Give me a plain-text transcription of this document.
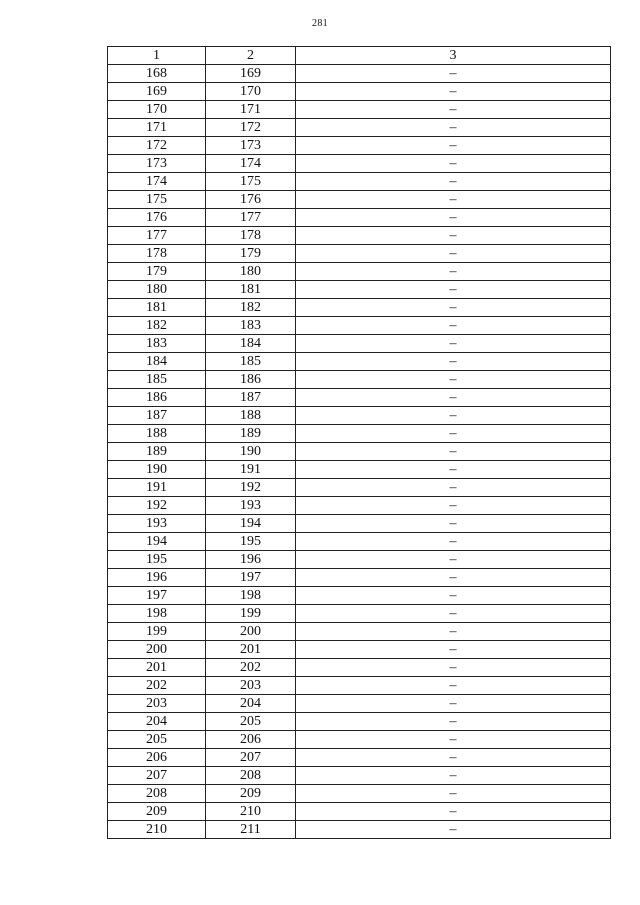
281
1	2	3
168	169	–
169	170	–
170	171	–
171	172	–
172	173	–
173	174	–
174	175	–
175	176	–
176	177	–
177	178	–
178	179	–
179	180	–
180	181	–
181	182	–
182	183	–
183	184	–
184	185	–
185	186	–
186	187	–
187	188	–
188	189	–
189	190	–
190	191	–
191	192	–
192	193	–
193	194	–
194	195	–
195	196	–
196	197	–
197	198	–
198	199	–
199	200	–
200	201	–
201	202	–
202	203	–
203	204	–
204	205	–
205	206	–
206	207	–
207	208	–
208	209	–
209	210	–
210	211	–
